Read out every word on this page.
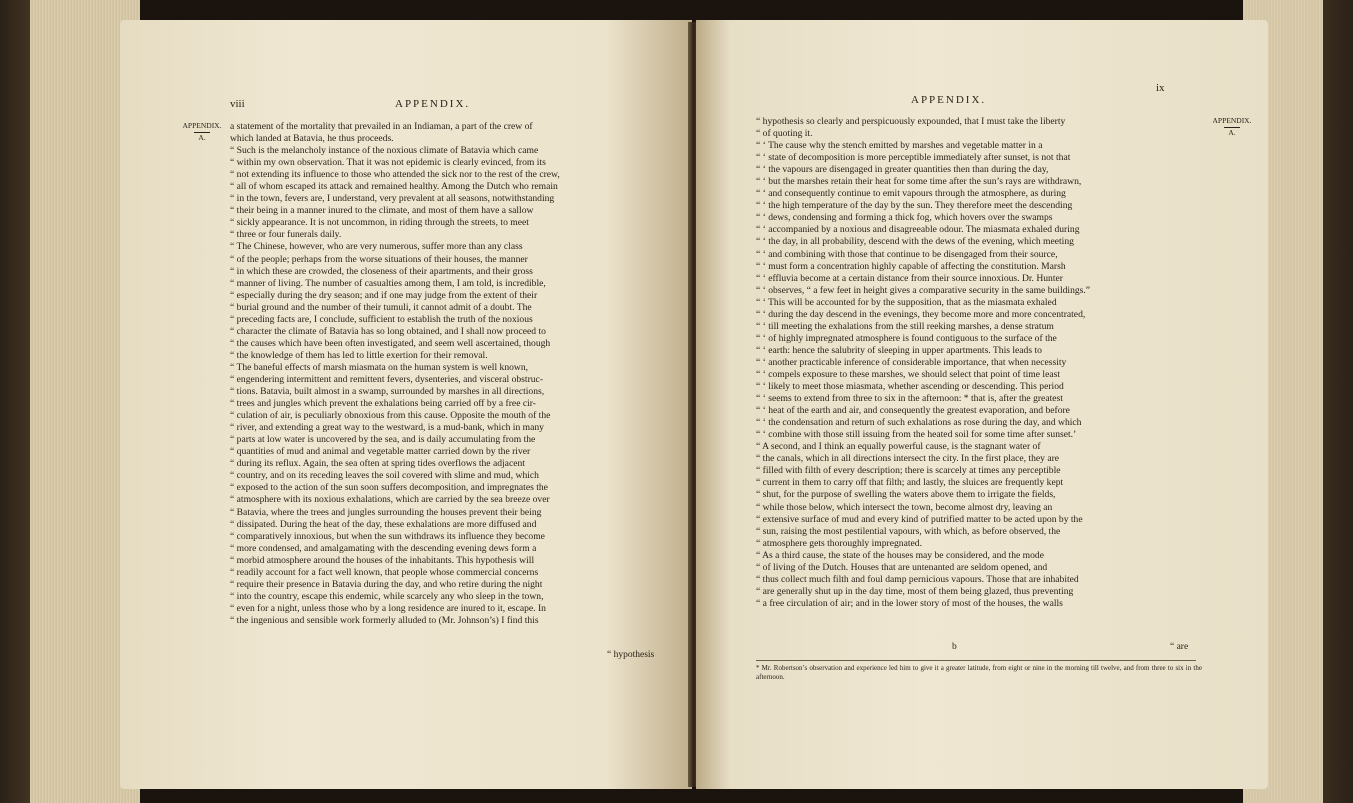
viii	APPENDIX.
APPENDIX.
A.

a statement of the mortality that prevailed in an Indiaman, a part of the crew of
which landed at Batavia, he thus proceeds.
“ Such is the melancholy instance of the noxious climate of Batavia which came
“ within my own observation. That it was not epidemic is clearly evinced, from its
“ not extending its influence to those who attended the sick nor to the rest of the crew,
“ all of whom escaped its attack and remained healthy. Among the Dutch who remain
“ in the town, fevers are, I understand, very prevalent at all seasons, notwithstanding
“ their being in a manner inured to the climate, and most of them have a sallow
“ sickly appearance. It is not uncommon, in riding through the streets, to meet
“ three or four funerals daily.
“ The Chinese, however, who are very numerous, suffer more than any class
“ of the people; perhaps from the worse situations of their houses, the manner
“ in which these are crowded, the closeness of their apartments, and their gross
“ manner of living. The number of casualties among them, I am told, is incredible,
“ especially during the dry season; and if one may judge from the extent of their
“ burial ground and the number of their tumuli, it cannot admit of a doubt. The
“ preceding facts are, I conclude, sufficient to establish the truth of the noxious
“ character the climate of Batavia has so long obtained, and I shall now proceed to
“ the causes which have been often investigated, and seem well ascertained, though
“ the knowledge of them has led to little exertion for their removal.
“ The baneful effects of marsh miasmata on the human system is well known,
“ engendering intermittent and remittent fevers, dysenteries, and visceral obstruc-
“ tions. Batavia, built almost in a swamp, surrounded by marshes in all directions,
“ trees and jungles which prevent the exhalations being carried off by a free cir-
“ culation of air, is peculiarly obnoxious from this cause. Opposite the mouth of the
“ river, and extending a great way to the westward, is a mud-bank, which in many
“ parts at low water is uncovered by the sea, and is daily accumulating from the
“ quantities of mud and animal and vegetable matter carried down by the river
“ during its reflux. Again, the sea often at spring tides overflows the adjacent
“ country, and on its receding leaves the soil covered with slime and mud, which
“ exposed to the action of the sun soon suffers decomposition, and impregnates the
“ atmosphere with its noxious exhalations, which are carried by the sea breeze over
“ Batavia, where the trees and jungles surrounding the houses prevent their being
“ dissipated. During the heat of the day, these exhalations are more diffused and
“ comparatively innoxious, but when the sun withdraws its influence they become
“ more condensed, and amalgamating with the descending evening dews form a
“ morbid atmosphere around the houses of the inhabitants. This hypothesis will
“ readily account for a fact well known, that people whose commercial concerns
“ require their presence in Batavia during the day, and who retire during the night
“ into the country, escape this endemic, while scarcely any who sleep in the town,
“ even for a night, unless those who by a long residence are inured to it, escape. In
“ the ingenious and sensible work formerly alluded to (Mr. Johnson’s) I find this

“ hypothesis
APPENDIX.
ix
APPENDIX.
A.

“ hypothesis so clearly and perspicuously expounded, that I must take the liberty
“ of quoting it.
“ ‘ The cause why the stench emitted by marshes and vegetable matter in a
“ ‘ state of decomposition is more perceptible immediately after sunset, is not that
“ ‘ the vapours are disengaged in greater quantities then than during the day,
“ ‘ but the marshes retain their heat for some time after the sun’s rays are withdrawn,
“ ‘ and consequently continue to emit vapours through the atmosphere, as during
“ ‘ the high temperature of the day by the sun. They therefore meet the descending
“ ‘ dews, condensing and forming a thick fog, which hovers over the swamps
“ ‘ accompanied by a noxious and disagreeable odour. The miasmata exhaled during
“ ‘ the day, in all probability, descend with the dews of the evening, which meeting
“ ‘ and combining with those that continue to be disengaged from their source,
“ ‘ must form a concentration highly capable of affecting the constitution. Marsh
“ ‘ effluvia become at a certain distance from their source innoxious. Dr. Hunter
“ ‘ observes, “ a few feet in height gives a comparative security in the same buildings.”
“ ‘ This will be accounted for by the supposition, that as the miasmata exhaled
“ ‘ during the day descend in the evenings, they become more and more concentrated,
“ ‘ till meeting the exhalations from the still reeking marshes, a dense stratum
“ ‘ of highly impregnated atmosphere is found contiguous to the surface of the
“ ‘ earth: hence the salubrity of sleeping in upper apartments. This leads to
“ ‘ another practicable inference of considerable importance, that when necessity
“ ‘ compels exposure to these marshes, we should select that point of time least
“ ‘ likely to meet those miasmata, whether ascending or descending. This period
“ ‘ seems to extend from three to six in the afternoon: * that is, after the greatest
“ ‘ heat of the earth and air, and consequently the greatest evaporation, and before
“ ‘ the condensation and return of such exhalations as rose during the day, and which
“ ‘ combine with those still issuing from the heated soil for some time after sunset.’
“ A second, and I think an equally powerful cause, is the stagnant water of
“ the canals, which in all directions intersect the city. In the first place, they are
“ filled with filth of every description; there is scarcely at times any perceptible
“ current in them to carry off that filth; and lastly, the sluices are frequently kept
“ shut, for the purpose of swelling the waters above them to irrigate the fields,
“ while those below, which intersect the town, become almost dry, leaving an
“ extensive surface of mud and every kind of putrified matter to be acted upon by the
“ sun, raising the most pestilential vapours, with which, as before observed, the
“ atmosphere gets thoroughly impregnated.
“ As a third cause, the state of the houses may be considered, and the mode
“ of living of the Dutch. Houses that are untenanted are seldom opened, and
“ thus collect much filth and foul damp pernicious vapours. Those that are inhabited
“ are generally shut up in the day time, most of them being glazed, thus preventing
“ a free circulation of air; and in the lower story of most of the houses, the walls

b	“ are
* Mr. Robertson’s observation and experience led him to give it a greater latitude, from eight or nine in the morning till twelve, and from three to six in the afternoon.
